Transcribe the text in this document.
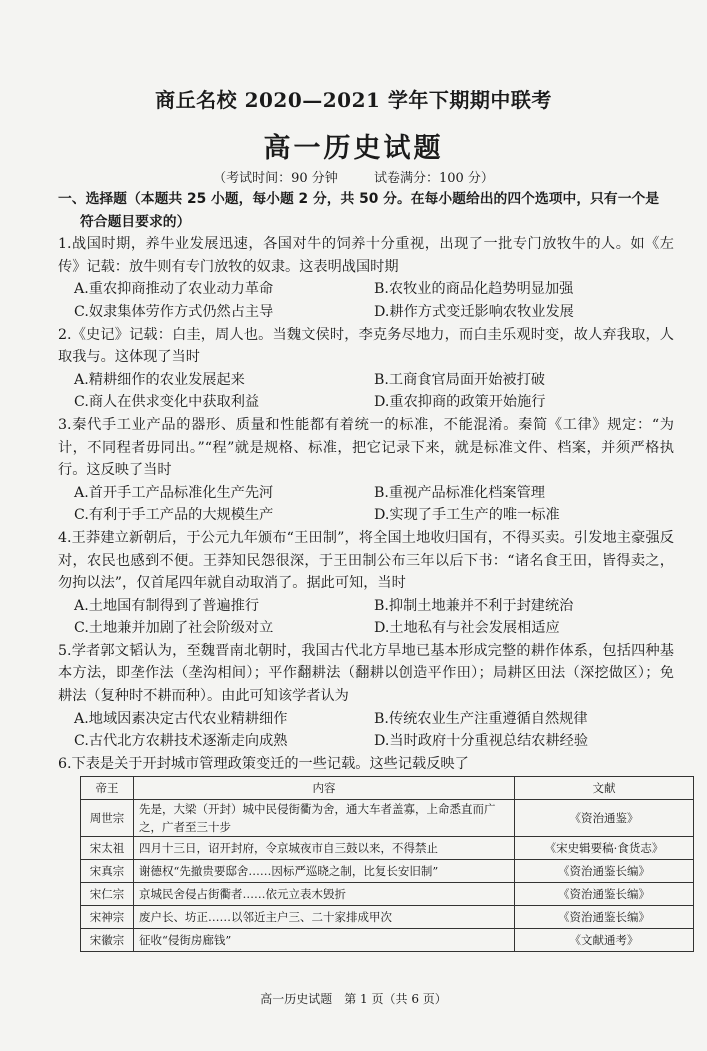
商丘名校 2020—2021 学年下期期中联考
高一历史试题
（考试时间：90 分钟	试卷满分：100 分）
一、选择题（本题共 25 小题，每小题 2 分，共 50 分。在每小题给出的四个选项中，只有一个是
符合题目要求的）
1.战国时期，养牛业发展迅速，各国对牛的饲养十分重视，出现了一批专门放牧牛的人。如《左传》记载：放牛则有专门放牧的奴隶。这表明战国时期
A.重农抑商推动了农业动力革命	B.农牧业的商品化趋势明显加强
C.奴隶集体劳作方式仍然占主导	D.耕作方式变迁影响农牧业发展
2.《史记》记载：白圭，周人也。当魏文侯时，李克务尽地力，而白圭乐观时变，故人弃我取，人取我与。这体现了当时
A.精耕细作的农业发展起来	B.工商食官局面开始被打破
C.商人在供求变化中获取利益	D.重农抑商的政策开始施行
3.秦代手工业产品的器形、质量和性能都有着统一的标准，不能混淆。秦简《工律》规定：“为计，不同程者毋同出。”“程”就是规格、标准，把它记录下来，就是标准文件、档案，并须严格执行。这反映了当时
A.首开手工产品标准化生产先河	B.重视产品标准化档案管理
C.有利于手工产品的大规模生产	D.实现了手工生产的唯一标准
4.王莽建立新朝后，于公元九年颁布“王田制”，将全国土地收归国有，不得买卖。引发地主豪强反对，农民也感到不便。王莽知民怨很深，于王田制公布三年以后下书：“诸名食王田，皆得卖之，勿拘以法”，仅首尾四年就自动取消了。据此可知，当时
A.土地国有制得到了普遍推行	B.抑制土地兼并不利于封建统治
C.土地兼并加剧了社会阶级对立	D.土地私有与社会发展相适应
5.学者郭文韬认为，至魏晋南北朝时，我国古代北方旱地已基本形成完整的耕作体系，包括四种基本方法，即垄作法（垄沟相间）；平作翻耕法（翻耕以创造平作田）；局耕区田法（深挖做区）；免耕法（复种时不耕而种）。由此可知该学者认为
A.地域因素决定古代农业精耕细作	B.传统农业生产注重遵循自然规律
C.古代北方农耕技术逐渐走向成熟	D.当时政府十分重视总结农耕经验
6.下表是关于开封城市管理政策变迁的一些记载。这些记载反映了
帝王	内容	文献
周世宗	先是，大梁（开封）城中民侵街衢为舍，通大车者盖寡，上命悉直而广之，广者至三十步	《资治通鉴》
宋太祖	四月十三日，诏开封府，令京城夜市自三鼓以来，不得禁止	《宋史辑要稿·食货志》
宋真宗	谢德权“先撤贵要邸舍……因标严巡晓之制，比复长安旧制”	《资治通鉴长编》
宋仁宗	京城民舍侵占街衢者……依元立表木毁折	《资治通鉴长编》
宋神宗	废户长、坊正……以邻近主户三、二十家排成甲次	《资治通鉴长编》
宋徽宗	征收“侵街房廊钱”	《文献通考》
高一历史试题　第 1 页（共 6 页）
